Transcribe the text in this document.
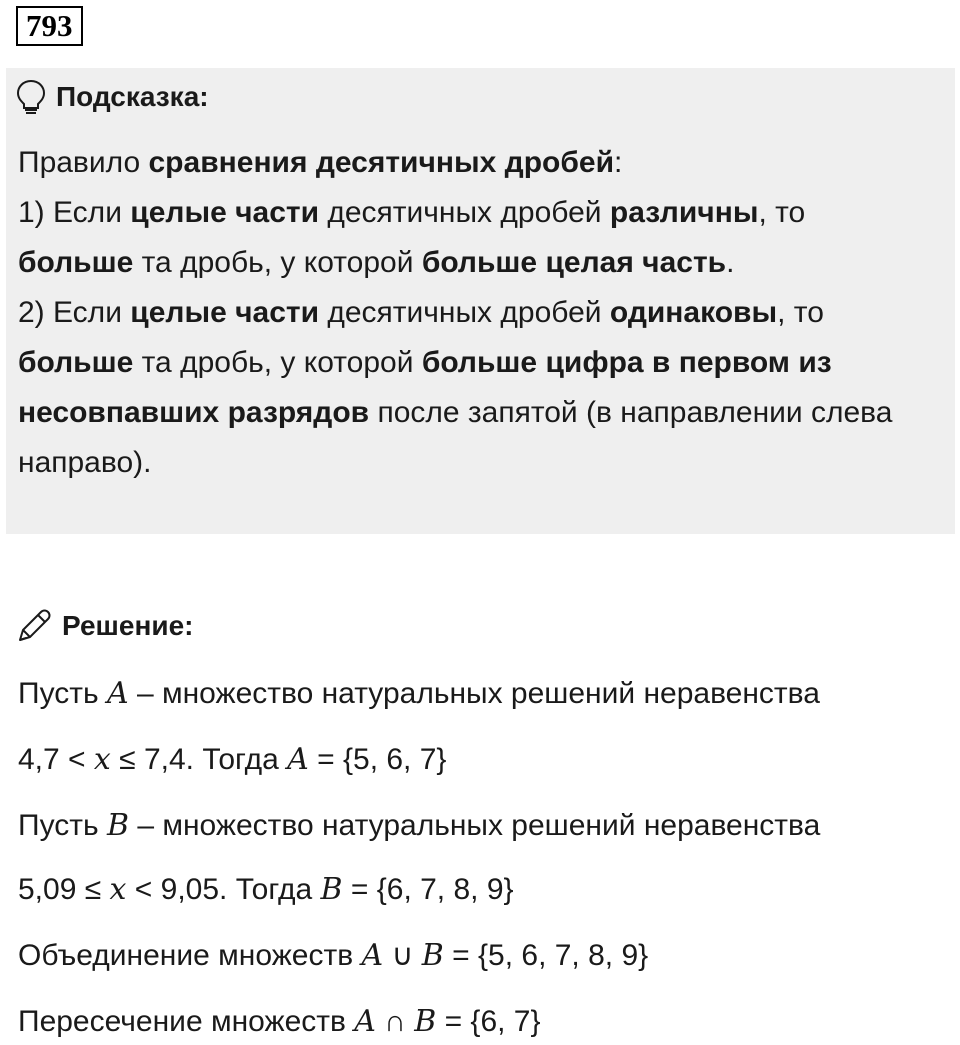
793
Подсказка:
Правило сравнения десятичных дробей:
1) Если целые части десятичных дробей различны, то
больше та дробь, у которой больше целая часть.
2) Если целые части десятичных дробей одинаковы, то
больше та дробь, у которой больше цифра в первом из
несовпавших разрядов после запятой (в направлении слева
направо).
Решение:
Пусть A – множество натуральных решений неравенства
4,7 < x ≤ 7,4. Тогда A = {5, 6, 7}
Пусть B – множество натуральных решений неравенства
5,09 ≤ x < 9,05. Тогда B = {6, 7, 8, 9}
Объединение множеств A ∪ B = {5, 6, 7, 8, 9}
Пересечение множеств A ∩ B = {6, 7}
